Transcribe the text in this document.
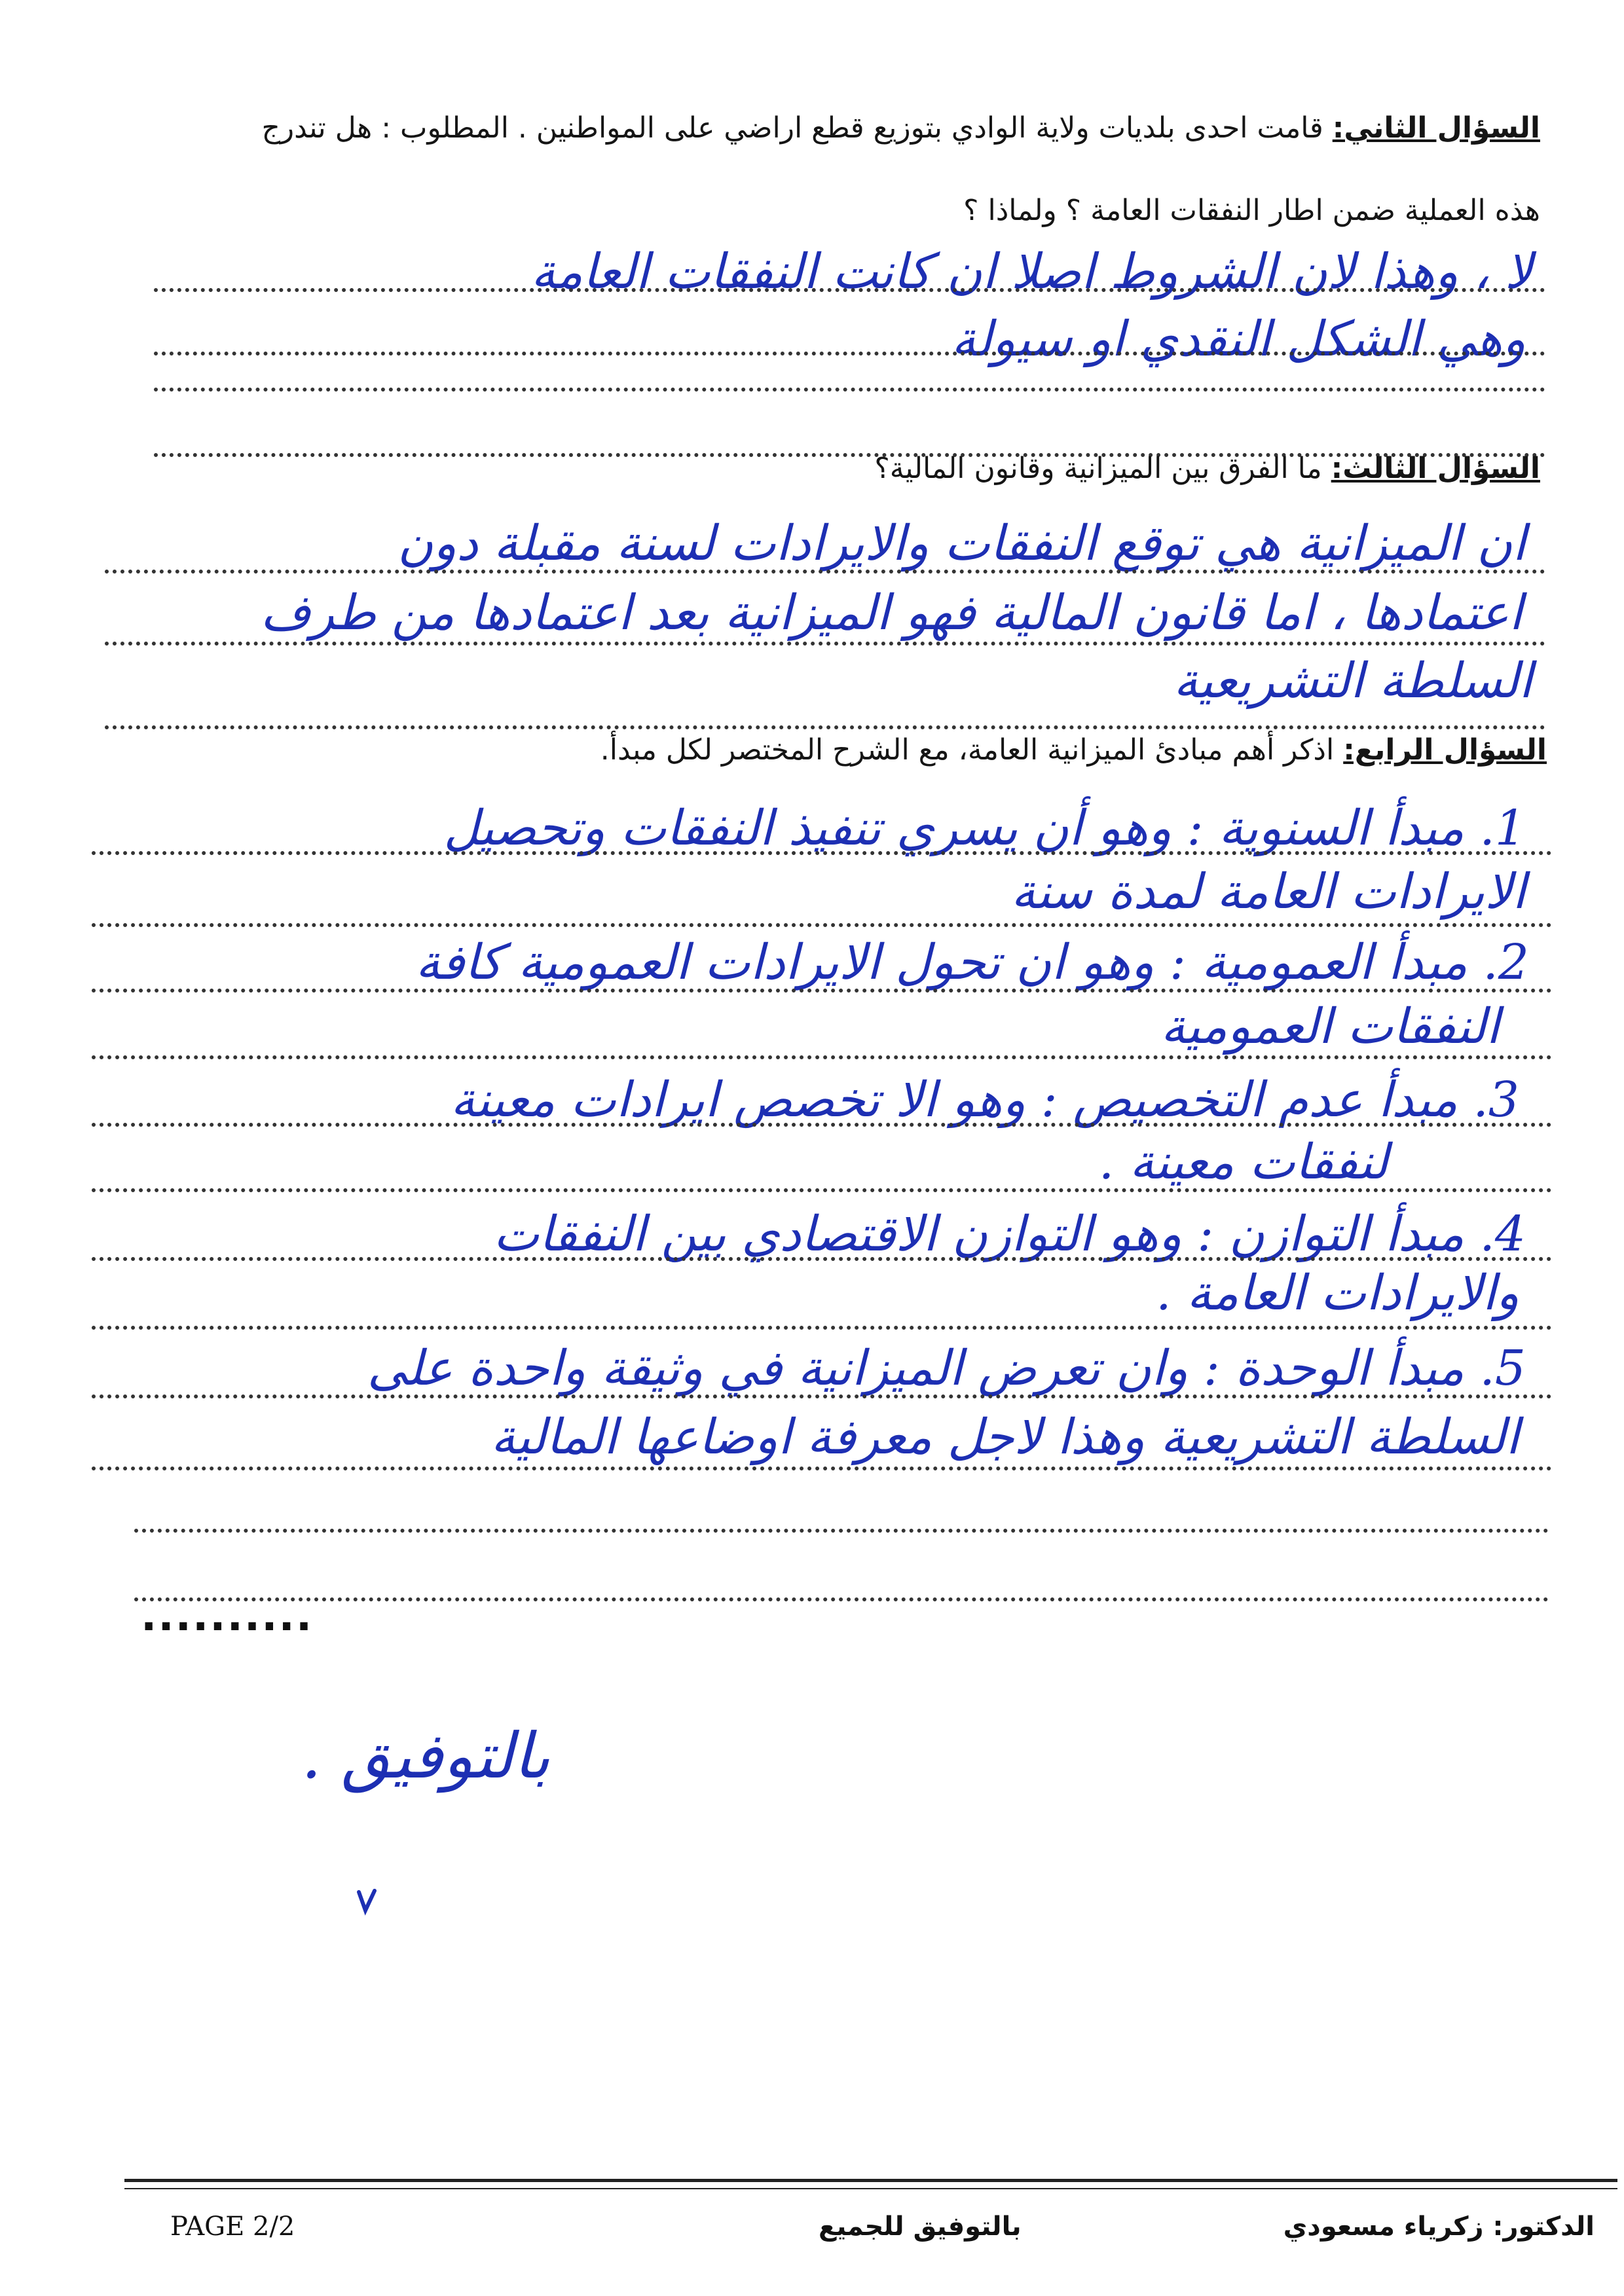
السؤال الثاني: قامت احدى بلديات ولاية الوادي بتوزيع قطع اراضي على المواطنين . المطلوب : هل تندرج
هذه العملية ضمن اطار النفقات العامة ؟ ولماذا ؟
لا ، وهذا لان الشروط اصلا ان كانت النفقات العامة
وهي الشكل النقدي او سيولة
السؤال الثالث: ما الفرق بين الميزانية وقانون المالية؟
ان الميزانية هي توقع النفقات والايرادات لسنة مقبلة دون
اعتمادها ، اما قانون المالية فهو الميزانية بعد اعتمادها من طرف
السلطة التشريعية
السؤال الرابع: اذكر أهم مبادئ الميزانية العامة، مع الشرح المختصر لكل مبدأ.
1. مبدأ السنوية : وهو أن يسري تنفيذ النفقات وتحصيل
الايرادات العامة لمدة سنة
2. مبدأ العمومية : وهو ان تحول الايرادات العمومية كافة
النفقات العمومية
3. مبدأ عدم التخصيص : وهو الا تخصص ايرادات معينة
لنفقات معينة .
4. مبدأ التوازن : وهو التوازن الاقتصادي بين النفقات
والايرادات العامة .
5. مبدأ الوحدة : وان تعرض الميزانية في وثيقة واحدة على
السلطة التشريعية وهذا لاجل معرفة اوضاعها المالية
..........
بالتوفيق .
PAGE 2/2	بالتوفيق للجميع	الدكتور: زكرياء مسعودي
